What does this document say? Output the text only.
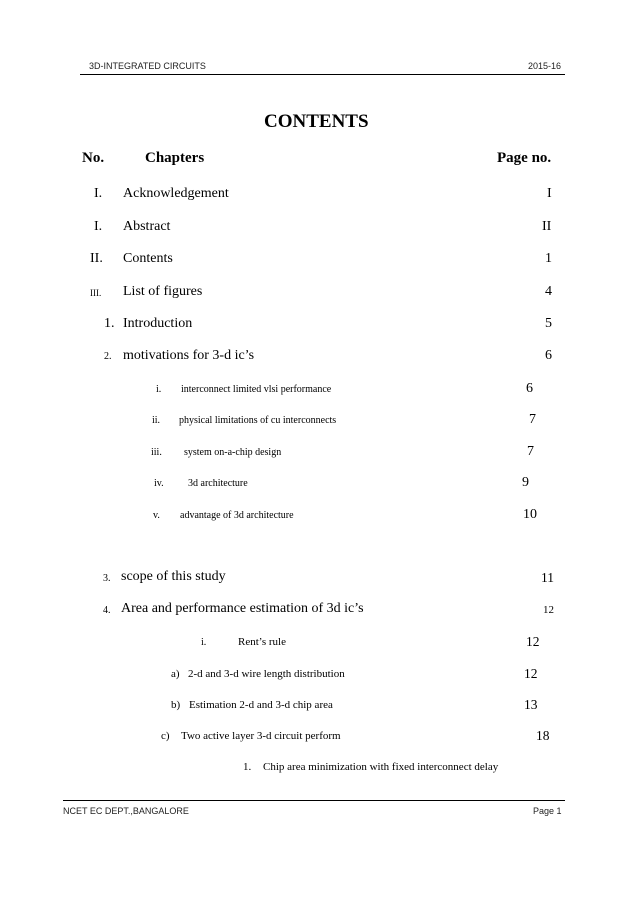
3D-INTEGRATED CIRCUITS	2015-16
CONTENTS
No.	Chapters	Page no.
I. Acknowledgement	I
I. Abstract	II
II. Contents	1
III. List of figures	4
1. Introduction	5
2. motivations for 3-d ic’s	6
i. interconnect limited vlsi performance	6
ii. physical limitations of cu interconnects	7
iii. system on-a-chip design	7
iv. 3d architecture	9
v. advantage of 3d architecture	10
3. scope of this study	11
4. Area and performance estimation of 3d ic’s	12
i.	Rent’s rule	12
a) 2-d and 3-d wire length distribution	12
b) Estimation 2-d and 3-d chip area	13
c) Two active layer 3-d circuit perform	18
1. Chip area minimization with fixed interconnect delay
NCET EC DEPT.,BANGALORE	Page 1
